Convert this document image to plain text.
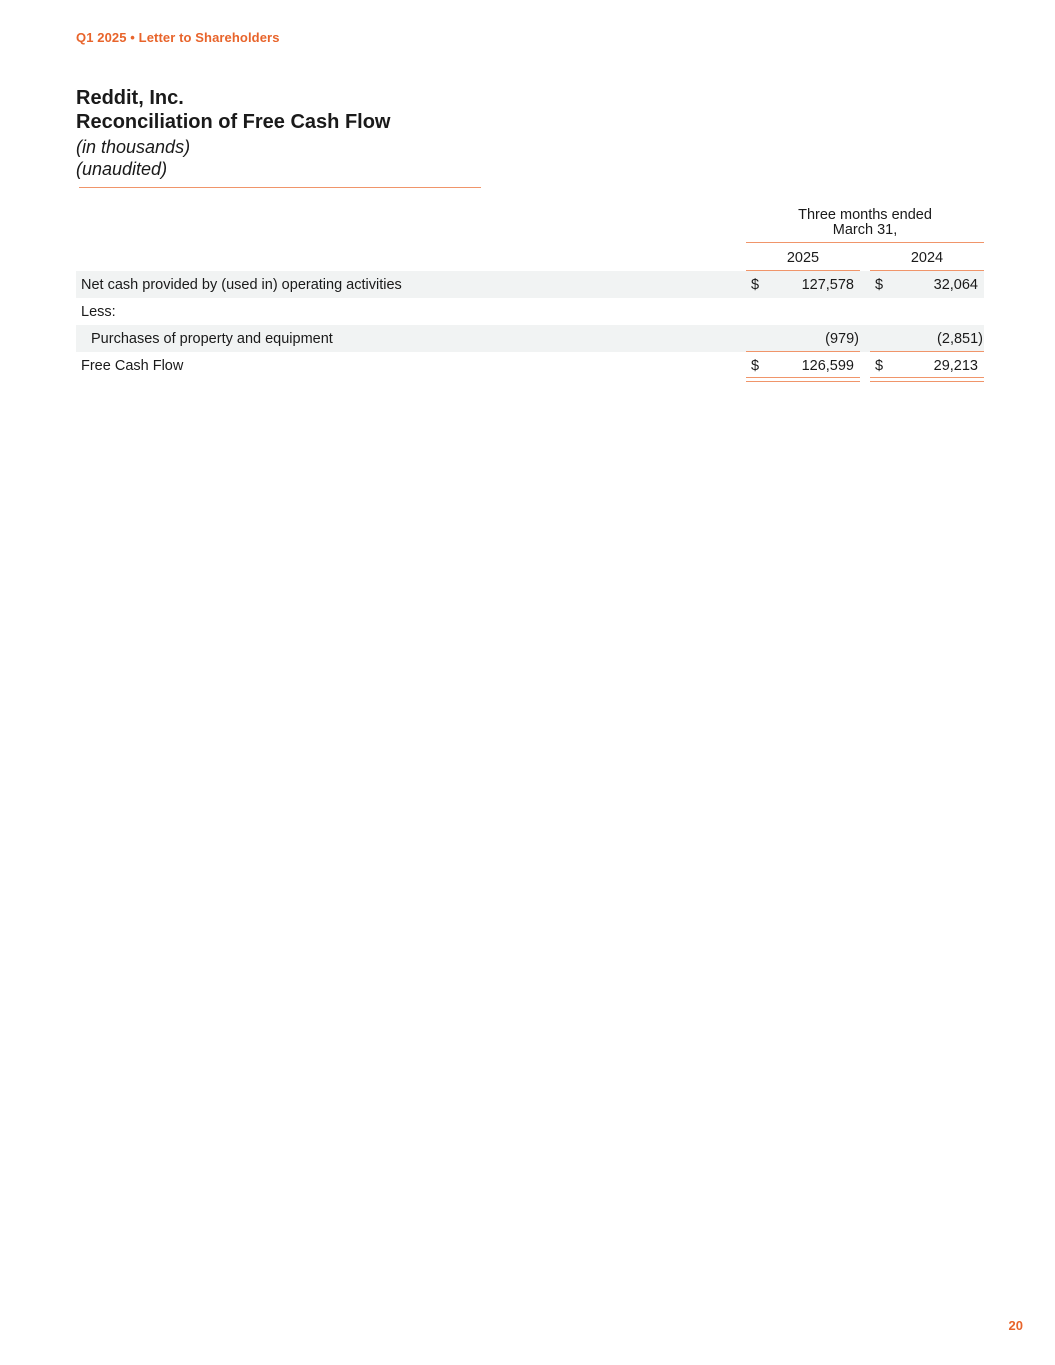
Q1 2025 • Letter to Shareholders
Reddit, Inc.
Reconciliation of Free Cash Flow
(in thousands)
(unaudited)
Three months ended
March 31,
2025	2024
Net cash provided by (used in) operating activities	$	127,578 $	32,064
Less:
Purchases of property and equipment	(979)	(2,851)
Free Cash Flow	$	126,599 $	29,213
20
